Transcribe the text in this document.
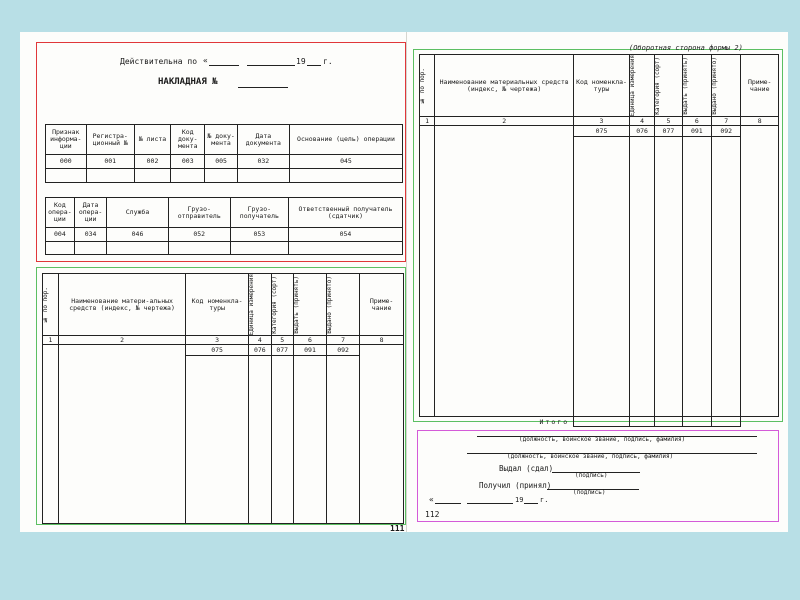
Действительна по «	19 г.
НАКЛАДНАЯ №
Признак информа-ции	Регистра-ционный №	№ листа	Код доку-мента	№ доку-мента	Дата документа	Основание (цель) операции
000	001	002	003	005	032	045

Код опера-ции	Дата опера-ции	Служба	Грузо-отправитель	Грузо-получатель	Ответственный получатель (сдатчик)
004	034	046	052	053	054

№ по пор.	Наименование матери-альных средств (индекс, № чертежа)	Код номенкла-туры	Единица измерения	Категория (сорт)	Выдать (принять)	Выдано (принято)	Приме-чание
1	2	3	4	5	6	7	8
		075	076	077	091	092	

111
(Оборотная сторона формы 2)
№ по пор.	Наименование материальных средств (индекс, № чертежа)	Код номенкла-туры	Единица измерения	Категория (сорт)	Выдать (принять)	Выдано (принято)	Приме-чание
1	2	3	4	5	6	7	8
		075	076	077	091	092	

	Итого						
(должность, воинское звание, подпись, фамилия)
(должность, воинское звание, подпись, фамилия)
Выдал (сдал)
(подпись)
Получил (принял)
(подпись)
«	19 г.
112
